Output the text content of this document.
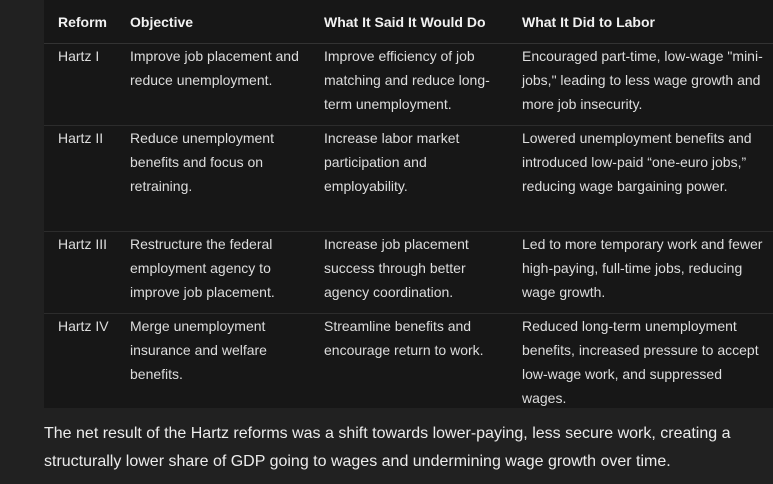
Reform	Objective	What It Said It Would Do	What It Did to Labor
Hartz I	Improve job placement and reduce unemployment.	Improve efficiency of job matching and reduce long-term unemployment.	Encouraged part-time, low-wage "mini-jobs," leading to less wage growth and more job insecurity.
Hartz II	Reduce unemployment benefits and focus on retraining.	Increase labor market participation and employability.	Lowered unemployment benefits and introduced low-paid “one-euro jobs,” reducing wage bargaining power.
Hartz III	Restructure the federal employment agency to improve job placement.	Increase job placement success through better agency coordination.	Led to more temporary work and fewer high-paying, full-time jobs, reducing wage growth.
Hartz IV	Merge unemployment insurance and welfare benefits.	Streamline benefits and encourage return to work.	Reduced long-term unemployment benefits, increased pressure to accept low-wage work, and suppressed wages.

The net result of the Hartz reforms was a shift towards lower-paying, less secure work, creating a structurally lower share of GDP going to wages and undermining wage growth over time.
